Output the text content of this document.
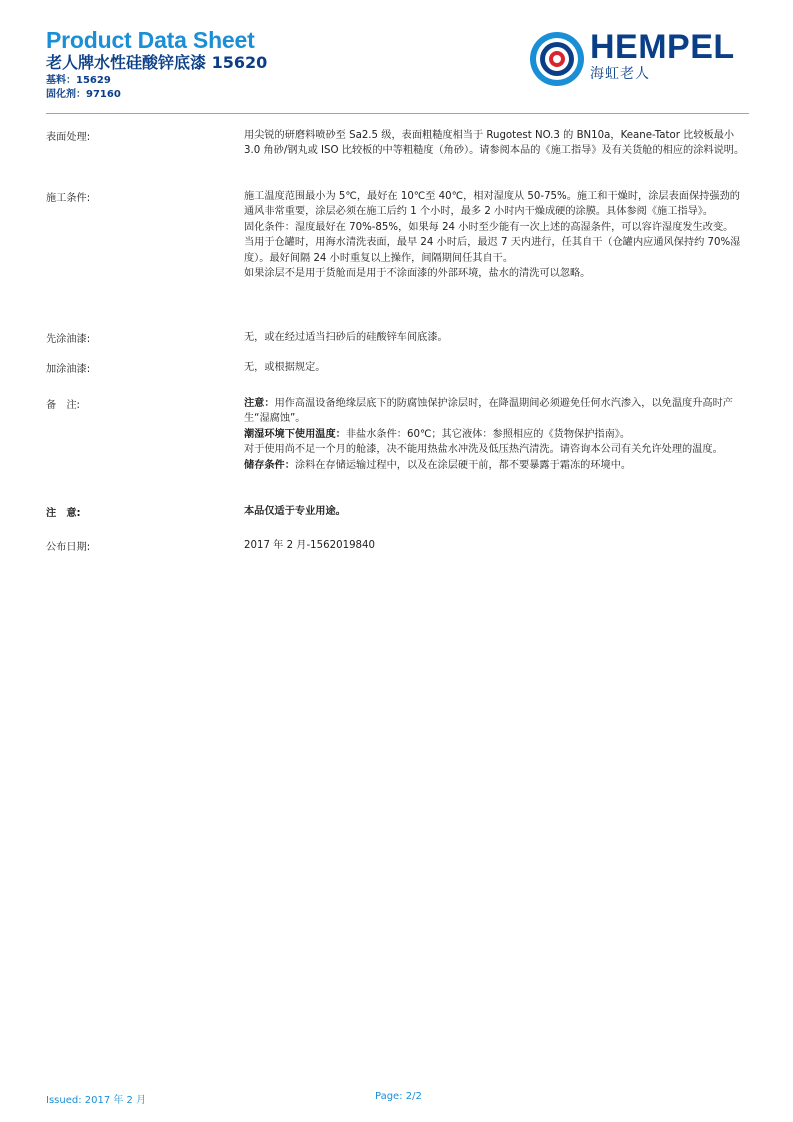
Product Data Sheet
老人牌水性硅酸锌底漆 15620
基料：15629
固化剂：97160
HEMPEL
海虹老人
表面处理:	用尖锐的研磨料喷砂至 Sa2.5 级，表面粗糙度相当于 Rugotest NO.3 的 BN10a，Keane-Tator 比较板最小 3.0 角砂/钢丸或 ISO 比较板的中等粗糙度（角砂）。请参阅本品的《施工指导》及有关货舱的相应的涂料说明。
施工条件:	施工温度范围最小为 5℃，最好在 10℃至 40℃，相对湿度从 50-75%。施工和干燥时，涂层表面保持强劲的通风非常重要，涂层必须在施工后约 1 个小时，最多 2 小时内干燥成硬的涂膜。具体参阅《施工指导》。

固化条件：湿度最好在 70%-85%，如果每 24 小时至少能有一次上述的高湿条件，可以容许湿度发生改变。

当用于仓罐时，用海水清洗表面，最早 24 小时后，最迟 7 天内进行，任其自干（仓罐内应通风保持约 70%湿度）。最好间隔 24 小时重复以上操作，间隔期间任其自干。

如果涂层不是用于货舱而是用于不涂面漆的外部环境，盐水的清洗可以忽略。

先涂油漆:	无，或在经过适当扫砂后的硅酸锌车间底漆。
加涂油漆:	无，或根据规定。
备　注:	注意：用作高温设备绝缘层底下的防腐蚀保护涂层时，在降温期间必须避免任何水汽渗入，以免温度升高时产生“湿腐蚀”。

潮湿环境下使用温度：非盐水条件：60℃；其它液体：参照相应的《货物保护指南》。

对于使用尚不足一个月的舱漆，决不能用热盐水冲洗及低压热汽清洗。请咨询本公司有关允许处理的温度。

储存条件：涂料在存储运输过程中，以及在涂层硬干前，都不要暴露于霜冻的环境中。

注　意:	本品仅适于专业用途。
公布日期:	2017 年 2 月-1562019840
Issued: 2017 年 2 月	Page: 2/2
